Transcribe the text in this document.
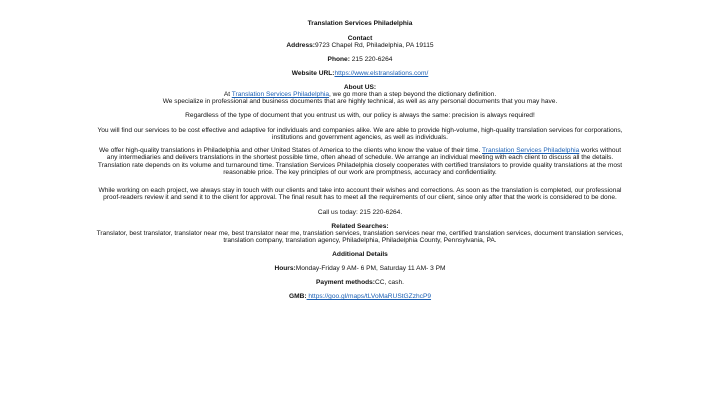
Translation Services Philadelphia

Contact

Address:9723 Chapel Rd, Philadelphia, PA 19115

Phone: 215 220-6264

Website URL:https://www.elstranslations.com/

About US:

At Translation Services Philadelphia, we go more than a step beyond the dictionary definition.

We specialize in professional and business documents that are highly technical, as well as any personal documents that you may have.

Regardless of the type of document that you entrust us with, our policy is always the same: precision is always required!

You will find our services to be cost effective and adaptive for individuals and companies alike. We are able to provide high-volume, high-quality translation services for corporations, institutions and government agencies, as well as individuals.

We offer high-quality translations in Philadelphia and other United States of America to the clients who know the value of their time. Translation Services Philadelphia works without any intermediaries and delivers translations in the shortest possible time, often ahead of schedule. We arrange an individual meeting with each client to discuss all the details. Translation rate depends on its volume and turnaround time. Translation Services Philadelphia closely cooperates with certified translators to provide quality translations at the most reasonable price. The key principles of our work are promptness, accuracy and confidentiality.

While working on each project, we always stay in touch with our clients and take into account their wishes and corrections. As soon as the translation is completed, our professional proof-readers review it and send it to the client for approval. The final result has to meet all the requirements of our client, since only after that the work is considered to be done.

Call us today: 215 220-6264.

Related Searches:

Translator, best translator, translator near me, best translator near me, translation services, translation services near me, certified translation services, document translation services, translation company, translation agency, Philadelphia, Philadelphia County, Pennsylvania, PA.

Additional Details

Hours:Monday-Friday 9 AM- 6 PM, Saturday 11 AM- 3 PM

Payment methods:CC, cash.

GMB: https://goo.gl/maps/tLVoMaRUStGZzhcP9
